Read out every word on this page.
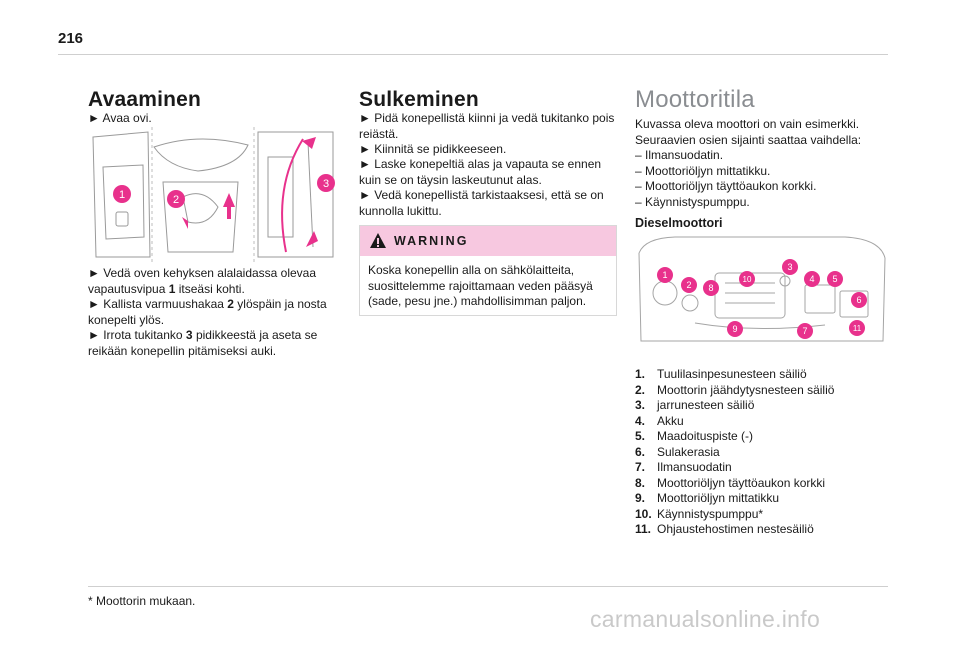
216
Avaaminen

► Avaa ovi.

1	2
3

► Vedä oven kehyksen alalaidassa olevaa vapautusvipua 1 itseäsi kohti.

► Kallista varmuushakaa 2 ylöspäin ja nosta konepelti ylös.

► Irrota tukitanko 3 pidikkeestä ja aseta se reikään konepellin pitämiseksi auki.

Sulkeminen

► Pidä konepellistä kiinni ja vedä tukitanko pois reiästä.

► Kiinnitä se pidikkeeseen.

► Laske konepeltiä alas ja vapauta se ennen kuin se on täysin laskeutunut alas.

► Vedä konepellistä tarkistaaksesi, että se on kunnolla lukittu.

WARNING
Koska konepellin alla on sähkölaitteita, suosittelemme rajoittamaan veden pääsyä (sade, pesu jne.) mahdollisimman paljon.
Moottoritila

Kuvassa oleva moottori on vain esimerkki.

Seuraavien osien sijainti saattaa vaihdella:

– Ilmansuodatin.

– Moottoriöljyn mittatikku.

– Moottoriöljyn täyttöaukon korkki.

– Käynnistyspumppu.

Dieselmoottori
1
2
3
4 5
6
7
8
9
10
11
1. Tuulilasinpesunesteen säiliö
2. Moottorin jäähdytysnesteen säiliö
3. jarrunesteen säiliö
4. Akku
5. Maadoituspiste (-)
6. Sulakerasia
7. Ilmansuodatin
8. Moottoriöljyn täyttöaukon korkki
9. Moottoriöljyn mittatikku
10. Käynnistyspumppu*
11. Ohjaustehostimen nestesäiliö
* Moottorin mukaan.
carmanualsonline.info
